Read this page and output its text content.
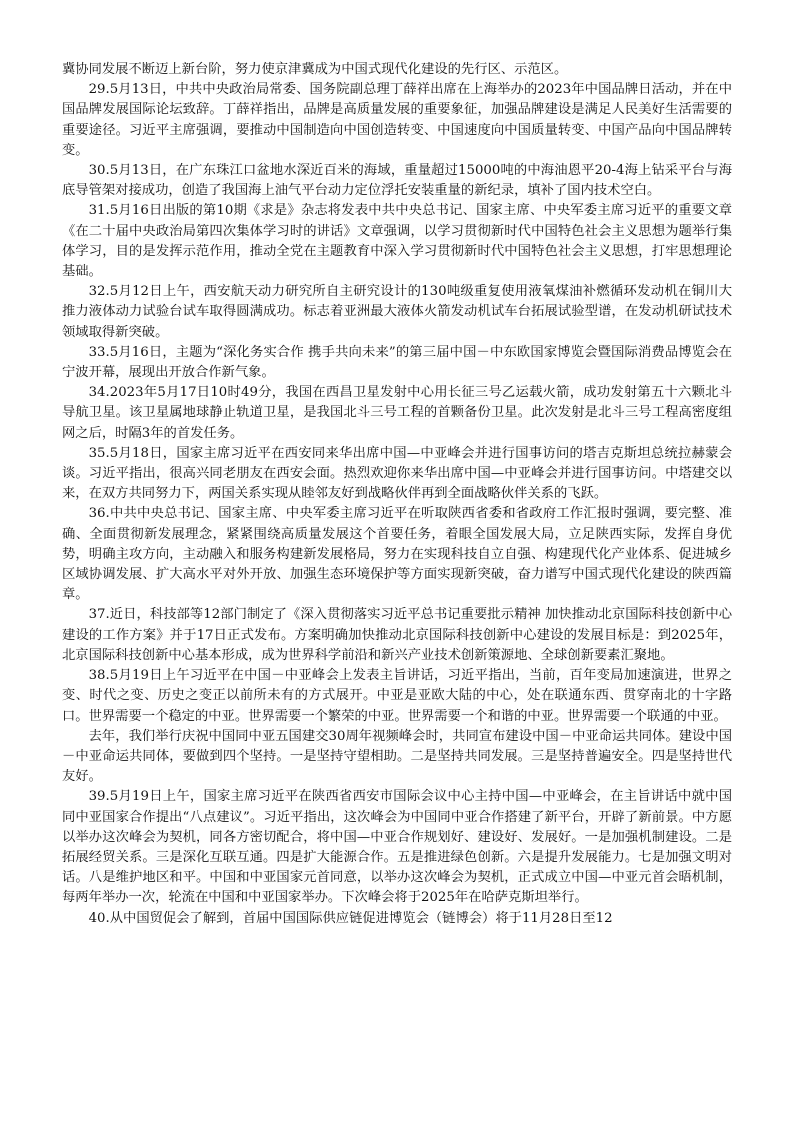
冀协同发展不断迈上新台阶，努力使京津冀成为中国式现代化建设的先行区、示范区。

29.5月13日，中共中央政治局常委、国务院副总理丁薛祥出席在上海举办的2023年中国品牌日活动，并在中国品牌发展国际论坛致辞。丁薛祥指出，品牌是高质量发展的重要象征，加强品牌建设是满足人民美好生活需要的重要途径。习近平主席强调，要推动中国制造向中国创造转变、中国速度向中国质量转变、中国产品向中国品牌转变。

30.5月13日，在广东珠江口盆地水深近百米的海域，重量超过15000吨的中海油恩平20-4海上钻采平台与海底导管架对接成功，创造了我国海上油气平台动力定位浮托安装重量的新纪录，填补了国内技术空白。

31.5月16日出版的第10期《求是》杂志将发表中共中央总书记、国家主席、中央军委主席习近平的重要文章《在二十届中央政治局第四次集体学习时的讲话》文章强调，以学习贯彻新时代中国特色社会主义思想为题举行集体学习，目的是发挥示范作用，推动全党在主题教育中深入学习贯彻新时代中国特色社会主义思想，打牢思想理论基础。

32.5月12日上午，西安航天动力研究所自主研究设计的130吨级重复使用液氧煤油补燃循环发动机在铜川大推力液体动力试验台试车取得圆满成功。标志着亚洲最大液体火箭发动机试车台拓展试验型谱，在发动机研试技术领域取得新突破。

33.5月16日，主题为“深化务实合作 携手共向未来”的第三届中国－中东欧国家博览会暨国际消费品博览会在宁波开幕，展现出开放合作新气象。

34.2023年5月17日10时49分，我国在西昌卫星发射中心用长征三号乙运载火箭，成功发射第五十六颗北斗导航卫星。该卫星属地球静止轨道卫星，是我国北斗三号工程的首颗备份卫星。此次发射是北斗三号工程高密度组网之后，时隔3年的首发任务。

35.5月18日，国家主席习近平在西安同来华出席中国—中亚峰会并进行国事访问的塔吉克斯坦总统拉赫蒙会谈。习近平指出，很高兴同老朋友在西安会面。热烈欢迎你来华出席中国—中亚峰会并进行国事访问。中塔建交以来，在双方共同努力下，两国关系实现从睦邻友好到战略伙伴再到全面战略伙伴关系的飞跃。

36.中共中央总书记、国家主席、中央军委主席习近平在听取陕西省委和省政府工作汇报时强调，要完整、准确、全面贯彻新发展理念，紧紧围绕高质量发展这个首要任务，着眼全国发展大局，立足陕西实际，发挥自身优势，明确主攻方向，主动融入和服务构建新发展格局，努力在实现科技自立自强、构建现代化产业体系、促进城乡区域协调发展、扩大高水平对外开放、加强生态环境保护等方面实现新突破，奋力谱写中国式现代化建设的陕西篇章。

37.近日，科技部等12部门制定了《深入贯彻落实习近平总书记重要批示精神 加快推动北京国际科技创新中心建设的工作方案》并于17日正式发布。方案明确加快推动北京国际科技创新中心建设的发展目标是：到2025年，北京国际科技创新中心基本形成，成为世界科学前沿和新兴产业技术创新策源地、全球创新要素汇聚地。

38.5月19日上午习近平在中国－中亚峰会上发表主旨讲话，习近平指出，当前，百年变局加速演进，世界之变、时代之变、历史之变正以前所未有的方式展开。中亚是亚欧大陆的中心，处在联通东西、贯穿南北的十字路口。世界需要一个稳定的中亚。世界需要一个繁荣的中亚。世界需要一个和谐的中亚。世界需要一个联通的中亚。

去年，我们举行庆祝中国同中亚五国建交30周年视频峰会时，共同宣布建设中国－中亚命运共同体。建设中国－中亚命运共同体，要做到四个坚持。一是坚持守望相助。二是坚持共同发展。三是坚持普遍安全。四是坚持世代友好。

39.5月19日上午，国家主席习近平在陕西省西安市国际会议中心主持中国—中亚峰会，在主旨讲话中就中国同中亚国家合作提出“八点建议”。习近平指出，这次峰会为中国同中亚合作搭建了新平台，开辟了新前景。中方愿以举办这次峰会为契机，同各方密切配合，将中国—中亚合作规划好、建设好、发展好。一是加强机制建设。二是拓展经贸关系。三是深化互联互通。四是扩大能源合作。五是推进绿色创新。六是提升发展能力。七是加强文明对话。八是维护地区和平。中国和中亚国家元首同意，以举办这次峰会为契机，正式成立中国—中亚元首会晤机制，每两年举办一次，轮流在中国和中亚国家举办。下次峰会将于2025年在哈萨克斯坦举行。

40.从中国贸促会了解到，首届中国国际供应链促进博览会（链博会）将于11月28日至12
